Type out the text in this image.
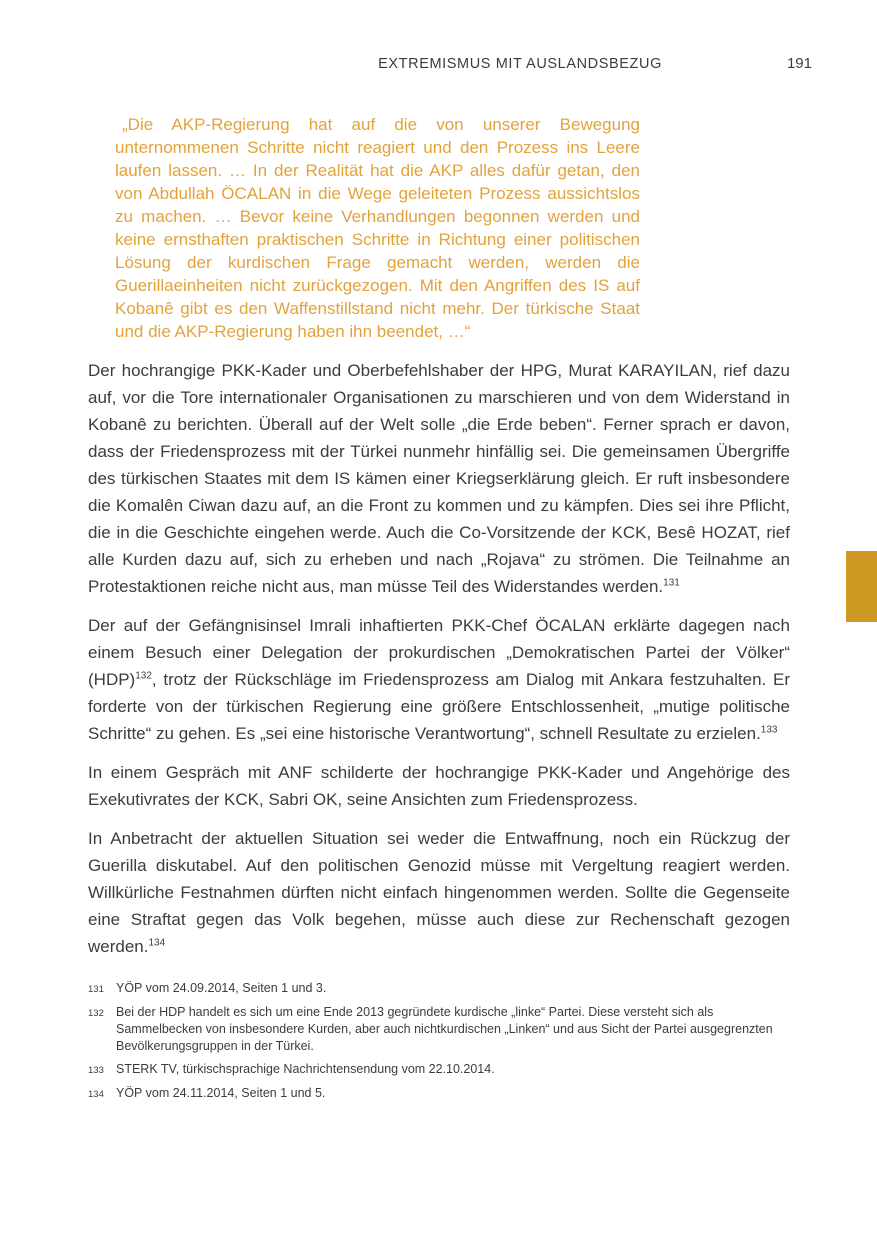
EXTREMISMUS MIT AUSLANDSBEZUG	191
„Die AKP-Regierung hat auf die von unserer Bewegung unternommenen Schritte nicht reagiert und den Prozess ins Leere laufen lassen. … In der Realität hat die AKP alles dafür getan, den von Abdullah ÖCALAN in die Wege geleiteten Prozess aussichtslos zu machen. … Bevor keine Verhandlungen begonnen werden und keine ernsthaften praktischen Schritte in Richtung einer politischen Lösung der kurdischen Frage gemacht werden, werden die Guerillaeinheiten nicht zurückgezogen. Mit den Angriffen des IS auf Kobanê gibt es den Waffenstillstand nicht mehr. Der türkische Staat und die AKP-Regierung haben ihn beendet, …“

Der hochrangige PKK-Kader und Oberbefehlshaber der HPG, Murat KARAYILAN, rief dazu auf, vor die Tore internationaler Organisationen zu marschieren und von dem Widerstand in Kobanê zu berichten. Überall auf der Welt solle „die Erde beben“. Ferner sprach er davon, dass der Friedensprozess mit der Türkei nunmehr hinfällig sei. Die gemeinsamen Übergriffe des türkischen Staates mit dem IS kämen einer Kriegserklärung gleich. Er ruft insbesondere die Komalên Ciwan dazu auf, an die Front zu kommen und zu kämpfen. Dies sei ihre Pflicht, die in die Geschichte eingehen werde. Auch die Co-Vorsitzende der KCK, Besê HOZAT, rief alle Kurden dazu auf, sich zu erheben und nach „Rojava“ zu strömen. Die Teilnahme an Protestaktionen reiche nicht aus, man müsse Teil des Widerstandes werden.$^{131}$

Der auf der Gefängnisinsel Imrali inhaftierten PKK-Chef ÖCALAN erklärte dagegen nach einem Besuch einer Delegation der prokurdischen „Demokratischen Partei der Völker“ (HDP)$^{132}$, trotz der Rückschläge im Friedensprozess am Dialog mit Ankara festzuhalten. Er forderte von der türkischen Regierung eine größere Entschlossenheit, „mutige politische Schritte“ zu gehen. Es „sei eine historische Verantwortung“, schnell Resultate zu erzielen.$^{133}$

In einem Gespräch mit ANF schilderte der hochrangige PKK-Kader und Angehörige des Exekutivrates der KCK, Sabri OK, seine Ansichten zum Friedensprozess.

In Anbetracht der aktuellen Situation sei weder die Entwaffnung, noch ein Rückzug der Guerilla diskutabel. Auf den politischen Genozid müsse mit Vergeltung reagiert werden. Willkürliche Festnahmen dürften nicht einfach hingenommen werden. Sollte die Gegenseite eine Straftat gegen das Volk begehen, müsse auch diese zur Rechenschaft gezogen werden.$^{134}$

131 YÖP vom 24.09.2014, Seiten 1 und 3.
132 Bei der HDP handelt es sich um eine Ende 2013 gegründete kurdische „linke“ Partei. Diese versteht sich als Sammelbecken von insbesondere Kurden, aber auch nichtkurdischen „Linken“ und aus Sicht der Partei ausgegrenzten Bevölkerungsgruppen in der Türkei.
133 STERK TV, türkischsprachige Nachrichtensendung vom 22.10.2014.
134 YÖP vom 24.11.2014, Seiten 1 und 5.
